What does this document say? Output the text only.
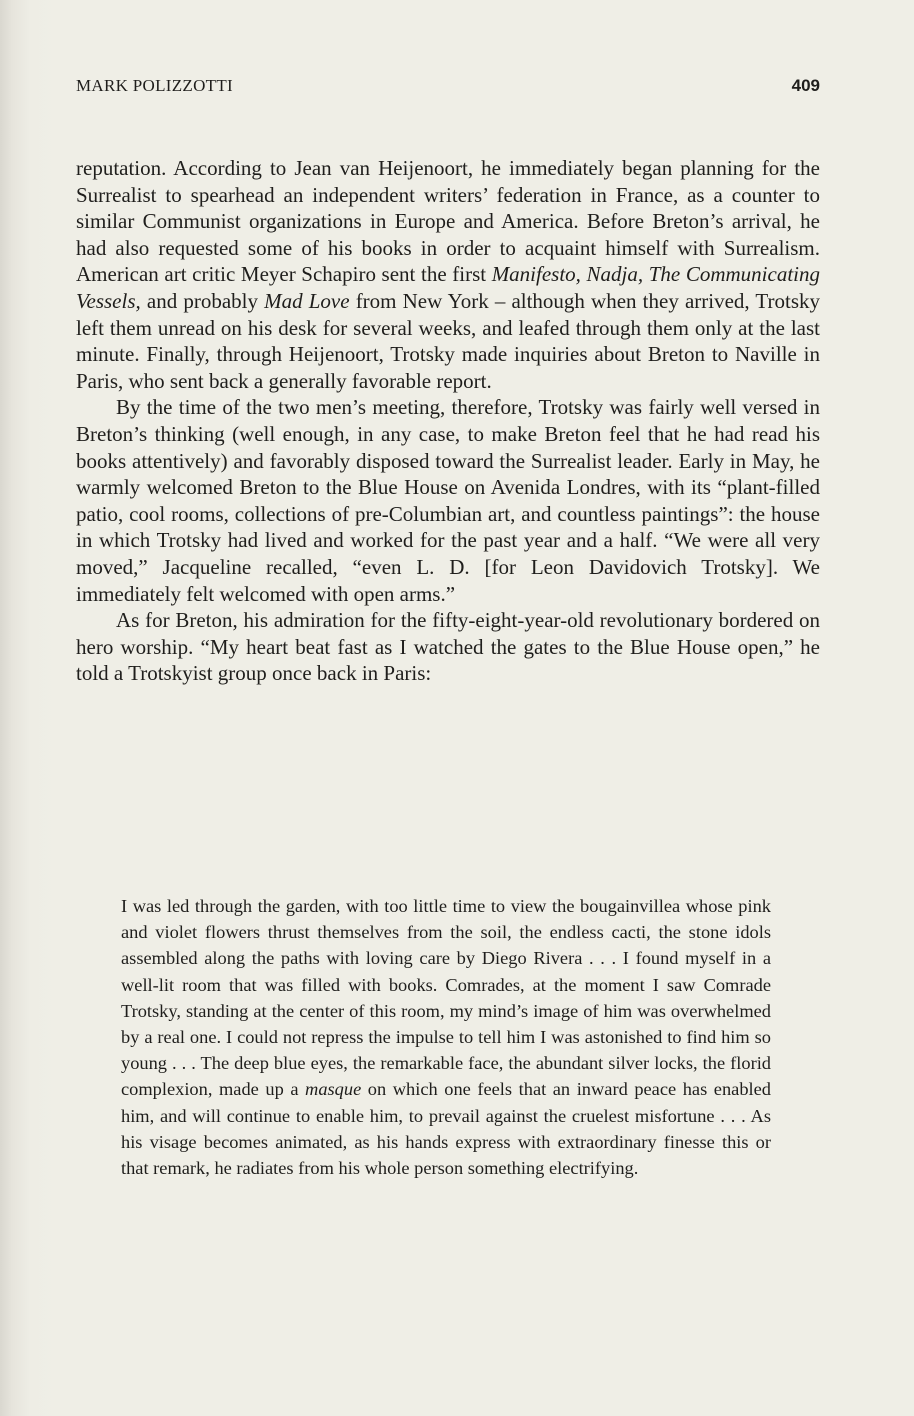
MARK POLIZZOTTI	409

reputation. According to Jean van Heijenoort, he immediately began planning for the Surrealist to spearhead an independent writers’ federation in France, as a counter to similar Communist organizations in Europe and America. Before Breton’s arrival, he had also requested some of his books in order to acquaint himself with Surrealism. American art critic Meyer Schapiro sent the first Manifesto, Nadja, The Communicating Vessels, and probably Mad Love from New York – although when they arrived, Trotsky left them unread on his desk for several weeks, and leafed through them only at the last minute. Finally, through Heijenoort, Trotsky made inquiries about Breton to Naville in Paris, who sent back a generally favorable report.

By the time of the two men’s meeting, therefore, Trotsky was fairly well versed in Breton’s thinking (well enough, in any case, to make Breton feel that he had read his books attentively) and favorably disposed toward the Surrealist leader. Early in May, he warmly welcomed Breton to the Blue House on Avenida Londres, with its “plant-filled patio, cool rooms, collections of pre-Columbian art, and countless paintings”: the house in which Trotsky had lived and worked for the past year and a half. “We were all very moved,” Jacqueline recalled, “even L. D. [for Leon Davidovich Trotsky]. We immediately felt welcomed with open arms.”

As for Breton, his admiration for the fifty-eight-year-old revolutionary bordered on hero worship. “My heart beat fast as I watched the gates to the Blue House open,” he told a Trotskyist group once back in Paris:

I was led through the garden, with too little time to view the bougainvillea whose pink and violet flowers thrust themselves from the soil, the endless cacti, the stone idols assembled along the paths with loving care by Diego Rivera . . . I found myself in a well-lit room that was filled with books. Comrades, at the moment I saw Comrade Trotsky, standing at the center of this room, my mind’s image of him was overwhelmed by a real one. I could not repress the impulse to tell him I was astonished to find him so young . . . The deep blue eyes, the remarkable face, the abundant silver locks, the florid complexion, made up a masque on which one feels that an inward peace has enabled him, and will continue to enable him, to prevail against the cruelest misfortune . . . As his visage becomes animated, as his hands express with extraordinary finesse this or that remark, he radiates from his whole person something electrifying.
